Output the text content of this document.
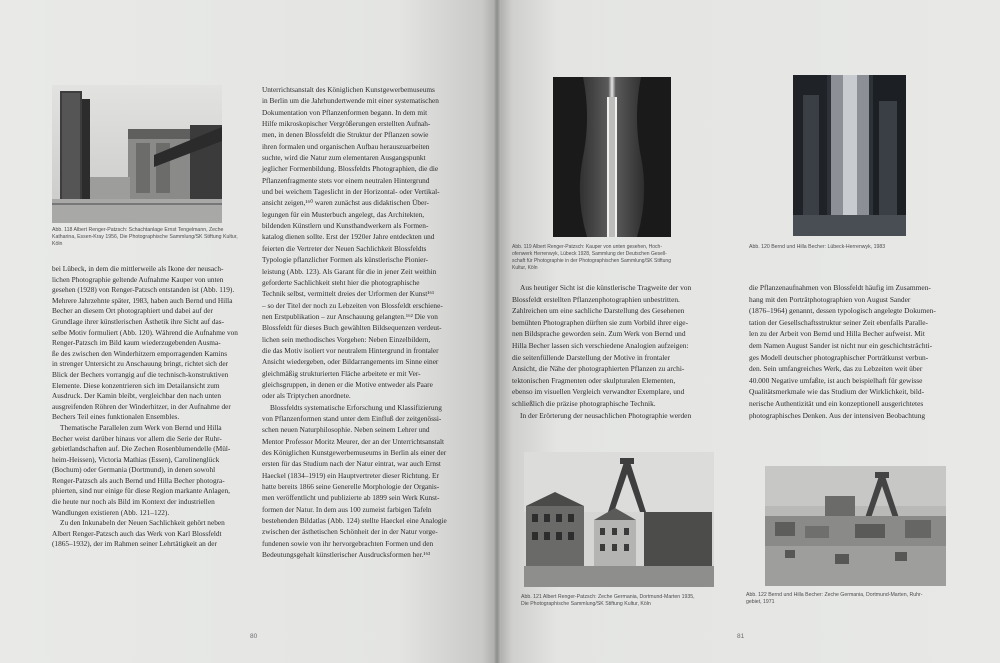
Abb. 118 Albert Renger-Patzsch: Schachtanlage Ernst Tengelmann, Zeche

Katharina, Essen-Kray 1956, Die Photographische Sammlung/SK Stiftung Kultur,

Köln

bei Lübeck, in dem die mittlerweile als Ikone der neusach-

lichen Photographie geltende Aufnahme Kauper von unten

gesehen (1928) von Renger-Patzsch entstanden ist (Abb. 119).

Mehrere Jahrzehnte später, 1983, haben auch Bernd und Hilla

Becher an diesem Ort photographiert und dabei auf der

Grundlage ihrer künstlerischen Ästhetik ihre Sicht auf das-

selbe Motiv formuliert (Abb. 120). Während die Aufnahme von

Renger-Patzsch im Bild kaum wiederzugebenden Ausma-

ße des zwischen den Winderhitzern emporragenden Kamins

in strenger Untersicht zu Anschauung bringt, richtet sich der

Blick der Bechers vorrangig auf die technisch-konstruktiven

Elemente. Diese konzentrieren sich im Detailansicht zum

Ausdruck. Der Kamin bleibt, vergleichbar den nach unten

ausgreifenden Röhren der Winderhitzer, in der Aufnahme der

Bechers Teil eines funktionalen Ensembles.

Thematische Parallelen zum Werk von Bernd und Hilla

Becher weist darüber hinaus vor allem die Serie der Ruhr-

gebietlandschaften auf. Die Zechen Rosenblumendelle (Mül-

heim-Heissen), Victoria Mathias (Essen), Carolinenglück

(Bochum) oder Germania (Dortmund), in denen sowohl

Renger-Patzsch als auch Bernd und Hilla Becher photogra-

phierten, sind nur einige für diese Region markante Anlagen,

die heute nur noch als Bild im Kontext der industriellen

Wandlungen existieren (Abb. 121–122).

Zu den Inkunabeln der Neuen Sachlichkeit gehört neben

Albert Renger-Patzsch auch das Werk von Karl Blossfeldt

(1865–1932), der im Rahmen seiner Lehrtätigkeit an der

Unterrichtsanstalt des Königlichen Kunstgewerbemuseums

in Berlin um die Jahrhundertwende mit einer systematischen

Dokumentation von Pflanzenformen begann. In dem mit

Hilfe mikroskopischer Vergrößerungen erstellten Aufnah-

men, in denen Blossfeldt die Struktur der Pflanzen sowie

ihren formalen und organischen Aufbau herauszuarbeiten

suchte, wird die Natur zum elementaren Ausgangspunkt

jeglicher Formenbildung. Blossfeldts Photographien, die die

Pflanzenfragmente stets vor einem neutralen Hintergrund

und bei weichem Tageslicht in der Horizontal- oder Vertikal-

ansicht zeigen,¹⁶⁰ waren zunächst aus didaktischen Über-

legungen für ein Musterbuch angelegt, das Architekten,

bildenden Künstlern und Kunsthandwerkern als Formen-

katalog dienen sollte. Erst der 1920er Jahre entdeckten und

feierten die Vertreter der Neuen Sachlichkeit Blossfeldts

Typologie pflanzlicher Formen als künstlerische Pionier-

leistung (Abb. 123). Als Garant für die in jener Zeit weithin

geforderte Sachlichkeit steht hier die photographische

Technik selbst, vermittelt dreies der Urformen der Kunst¹⁶¹

– so der Titel der noch zu Lebzeiten von Blossfeldt erschiene-

nen Erstpublikation – zur Anschauung gelangten.¹⁶² Die von

Blossfeldt für dieses Buch gewählten Bildsequenzen verdeut-

lichen sein methodisches Vorgehen: Neben Einzelbildern,

die das Motiv isoliert vor neutralem Hintergrund in frontaler

Ansicht wiedergeben, oder Bildarrangements im Sinne einer

gleichmäßig strukturierten Fläche arbeitete er mit Ver-

gleichsgruppen, in denen er die Motive entweder als Paare

oder als Triptychen anordnete.

Blossfeldts systematische Erforschung und Klassifizierung

von Pflanzenformen stand unter dem Einfluß der zeitgenössi-

schen neuen Naturphilosophie. Neben seinem Lehrer und

Mentor Professor Moritz Meurer, der an der Unterrichtsanstalt

des Königlichen Kunstgewerbemuseums in Berlin als einer der

ersten für das Studium nach der Natur eintrat, war auch Ernst

Haeckel (1834–1919) ein Hauptvertreter dieser Richtung. Er

hatte bereits 1866 seine Generelle Morphologie der Organis-

men veröffentlicht und publizierte ab 1899 sein Werk Kunst-

formen der Natur. In dem aus 100 zumeist farbigen Tafeln

bestehenden Bildatlas (Abb. 124) stellte Haeckel eine Analogie

zwischen der ästhetischen Schönheit der in der Natur vorge-

fundenen sowie von ihr hervorgebrachten Formen und den

Bedeutungsgehalt künstlerischer Ausdrucksformen her.¹⁶³

80

Abb. 119 Albert Renger-Patzsch: Kauper von unten gesehen, Hoch-

ofenwerk Herrenwyk, Lübeck 1928, Sammlung der Deutschen Gesell-

schaft für Photographie in der Photographischen Sammlung/SK Stiftung

Kultur, Köln

Abb. 120 Bernd und Hilla Becher: Lübeck-Herrenwyk, 1983

Aus heutiger Sicht ist die künstlerische Tragweite der von

Blossfeldt erstellten Pflanzenphotographien unbestritten.

Zahlreichen um eine sachliche Darstellung des Gesehenen

bemühten Photographen dürften sie zum Vorbild ihrer eige-

nen Bildsprache geworden sein. Zum Werk von Bernd und

Hilla Becher lassen sich verschiedene Analogien aufzeigen:

die seitenfüllende Darstellung der Motive in frontaler

Ansicht, die Nähe der photographierten Pflanzen zu archi-

tektonischen Fragmenten oder skulpturalen Elementen,

ebenso im visuellen Vergleich verwandter Exemplare, und

schließlich die präzise photographische Technik.

In der Erörterung der neusachlichen Photographie werden

die Pflanzenaufnahmen von Blossfeldt häufig im Zusammen-

hang mit den Porträtphotographien von August Sander

(1876–1964) genannt, dessen typologisch angelegte Dokumen-

tation der Gesellschaftsstruktur seiner Zeit ebenfalls Paralle-

len zu der Arbeit von Bernd und Hilla Becher aufweist. Mit

dem Namen August Sander ist nicht nur ein geschichtsträchti-

ges Modell deutscher photographischer Porträtkunst verbun-

den. Sein umfangreiches Werk, das zu Lebzeiten weit über

40.000 Negative umfaßte, ist auch beispielhaft für gewisse

Qualitätsmerkmale wie das Studium der Wirklichkeit, bild-

nerische Authentizität und ein konzeptionell ausgerichtetes

photographisches Denken. Aus der intensiven Beobachtung

Abb. 121 Albert Renger-Patzsch: Zeche Germania, Dortmund-Marten 1935,

Die Photographische Sammlung/SK Stiftung Kultur, Köln

Abb. 122 Bernd und Hilla Becher: Zeche Germania, Dortmund-Marten, Ruhr-

gebiet, 1971

81
